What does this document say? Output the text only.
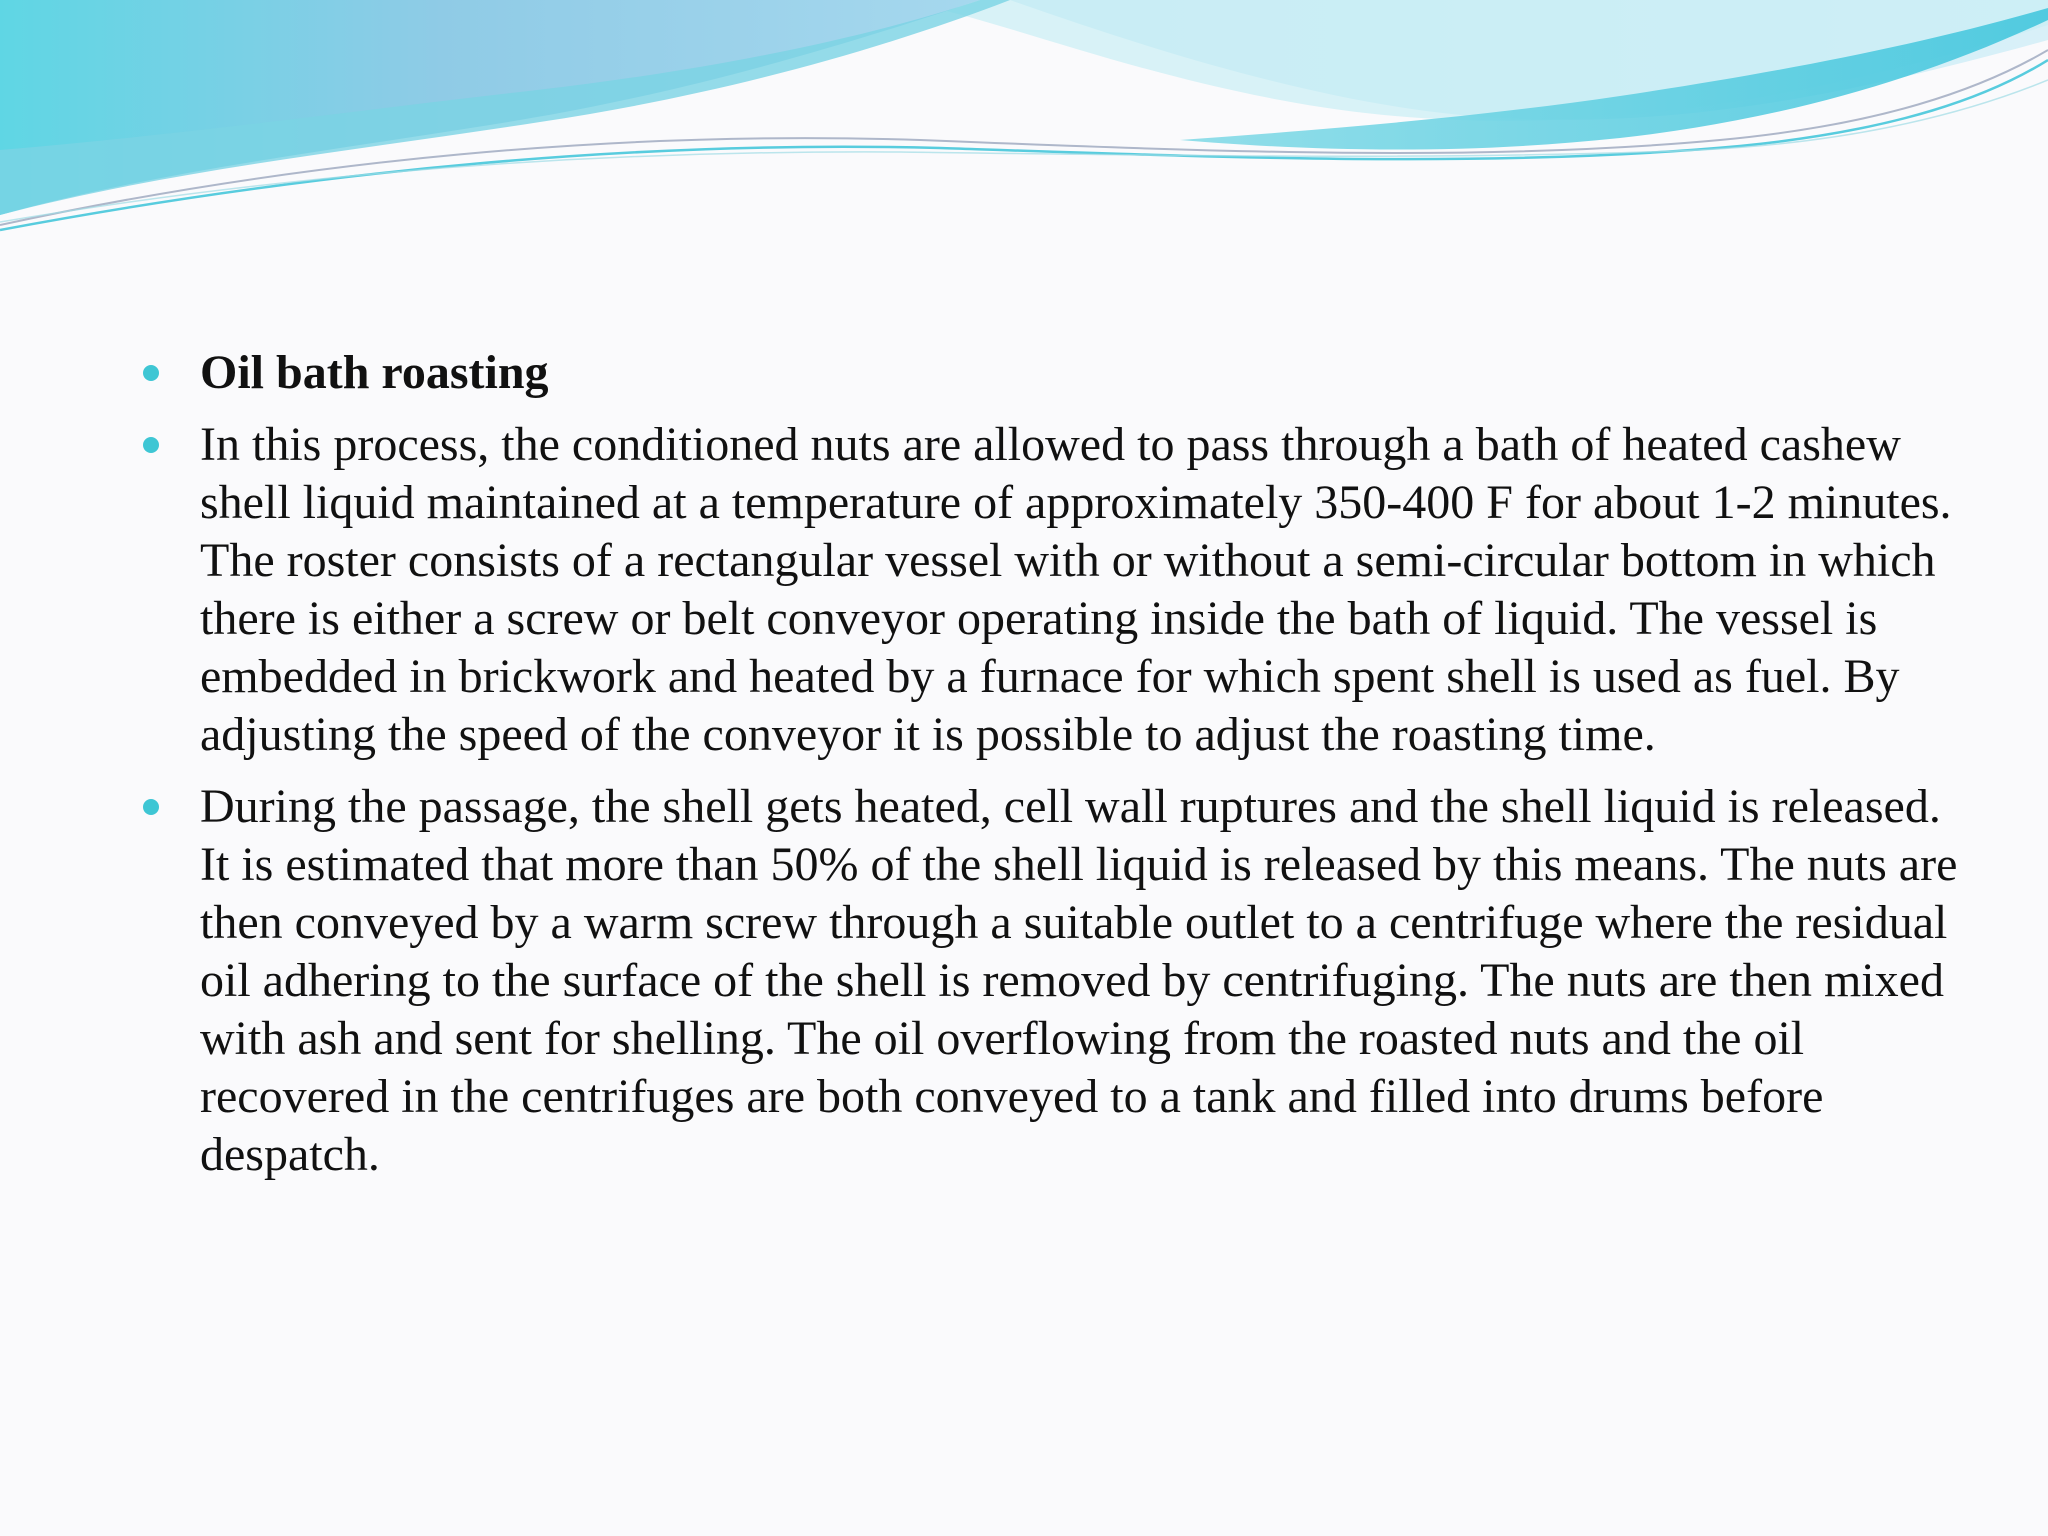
Oil bath roasting
In this process, the conditioned nuts are allowed to pass through a bath of heated cashew shell liquid maintained at a temperature of approximately 350-400 F for about 1-2 minutes. The roster consists of a rectangular vessel with or without a semi-circular bottom in which there is either a screw or belt conveyor operating inside the bath of liquid. The vessel is embedded in brickwork and heated by a furnace for which spent shell is used as fuel. By adjusting the speed of the conveyor it is possible to adjust the roasting time.
During the passage, the shell gets heated, cell wall ruptures and the shell liquid is released. It is estimated that more than 50% of the shell liquid is released by this means. The nuts are then conveyed by a warm screw through a suitable outlet to a centrifuge where the residual oil adhering to the surface of the shell is removed by centrifuging. The nuts are then mixed with ash and sent for shelling. The oil overflowing from the roasted nuts and the oil recovered in the centrifuges are both conveyed to a tank and filled into drums before despatch.
